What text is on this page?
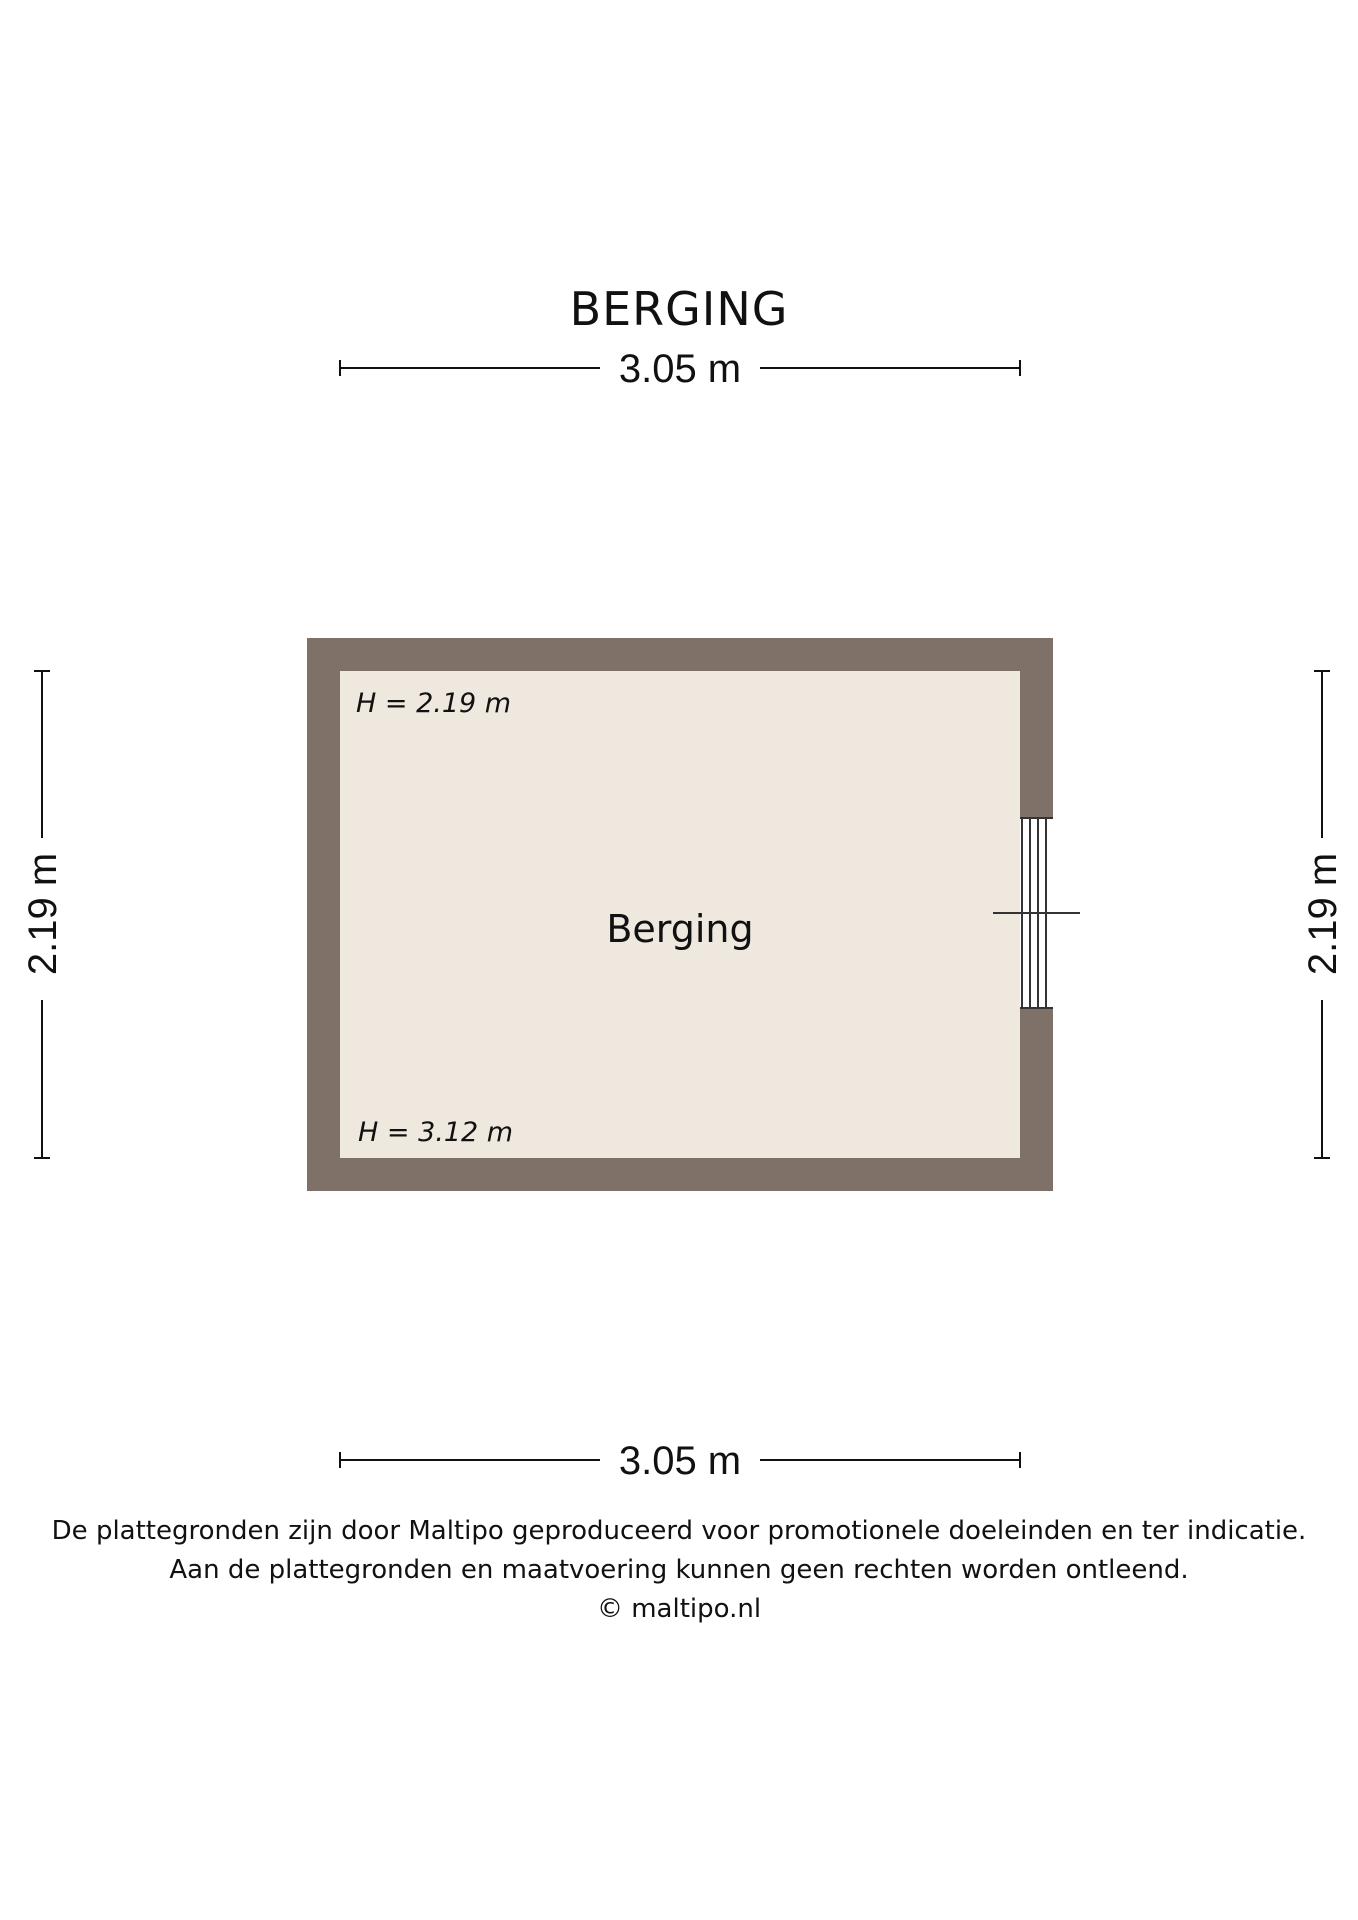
BERGING
3.05 m
H = 2.19 m
H = 3.12 m
Berging
2.19 m	2.19 m
3.05 m
De plattegronden zijn door Maltipo geproduceerd voor promotionele doeleinden en ter indicatie.
Aan de plattegronden en maatvoering kunnen geen rechten worden ontleend.
© maltipo.nl
